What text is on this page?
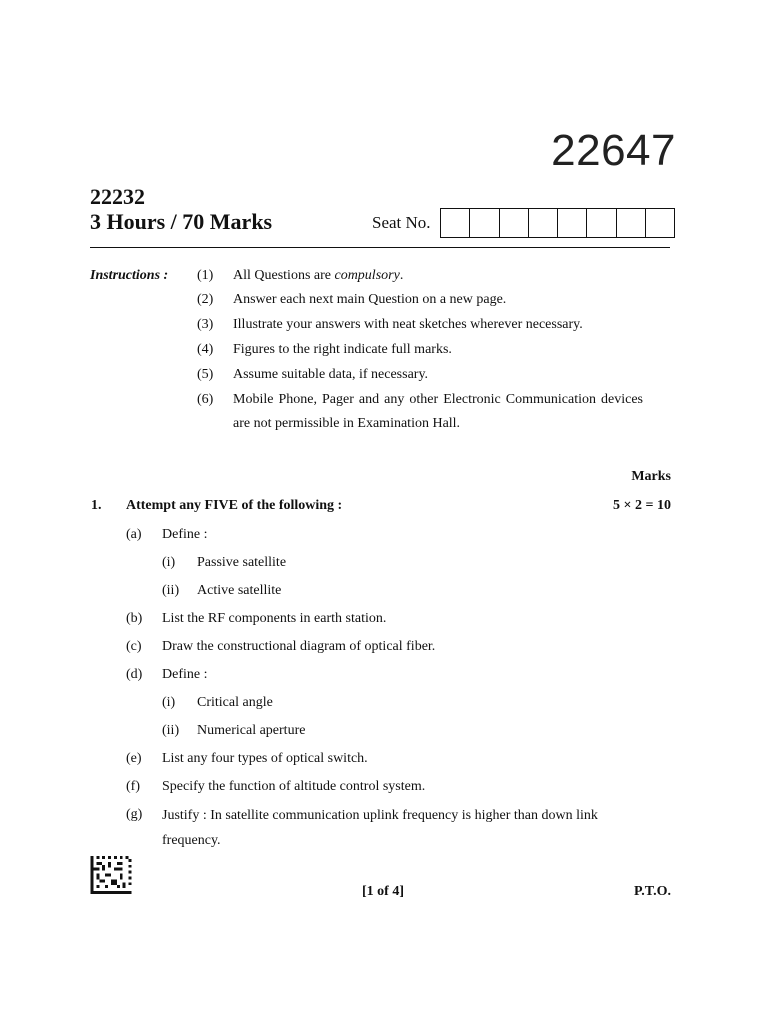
22647
22232
3 Hours / 70 Marks	Seat No.
Instructions : (1) All Questions are compulsory.
(2) Answer each next main Question on a new page.
(3) Illustrate your answers with neat sketches wherever necessary.
(4) Figures to the right indicate full marks.
(5) Assume suitable data, if necessary.
(6) Mobile Phone, Pager and any other Electronic Communication devices are not permissible in Examination Hall.
Marks
1. Attempt any FIVE of the following :	5 × 2 = 10
(a) Define :
(i) Passive satellite
(ii) Active satellite
(b) List the RF components in earth station.
(c) Draw the constructional diagram of optical fiber.
(d) Define :
(i) Critical angle
(ii) Numerical aperture
(e) List any four types of optical switch.
(f) Specify the function of altitude control system.
(g) Justify : In satellite communication uplink frequency is higher than down link frequency.
[1 of 4]	P.T.O.
